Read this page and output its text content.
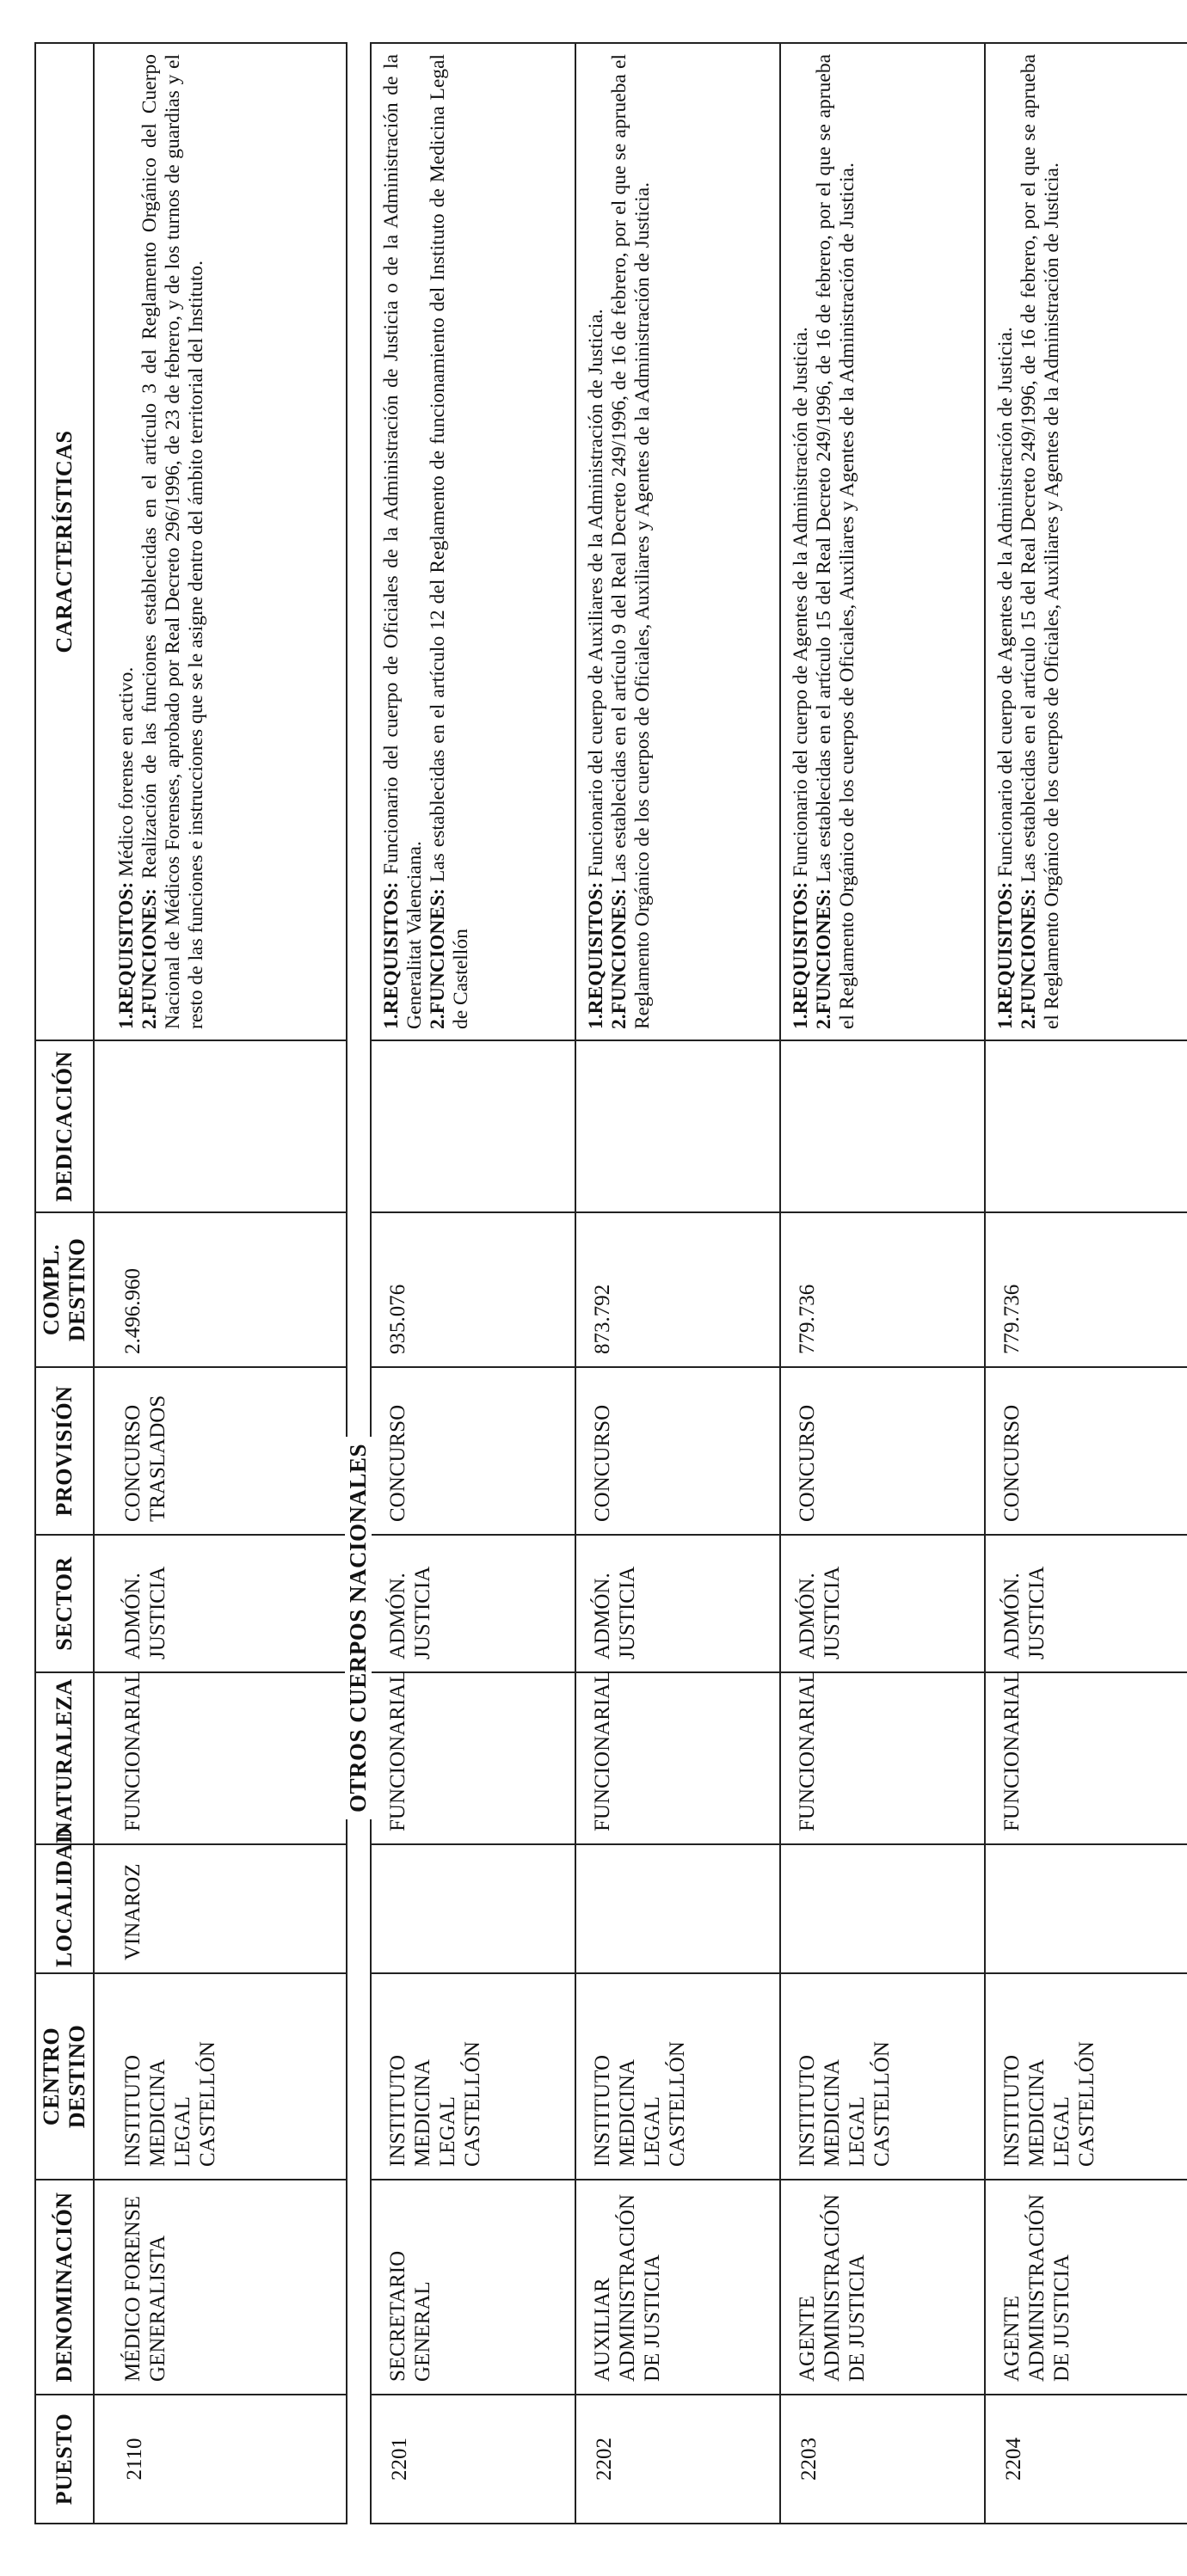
PUESTO	DENOMINACIÓN	CENTRO DESTINO	LOCALIDAD	NATURALEZA	SECTOR	PROVISIÓN	COMPL. DESTINO	DEDICACIÓN	CARACTERÍSTICAS

2110	MÉDICO FORENSE GENERALISTA	INSTITUTO MEDICINA LEGAL CASTELLÓN	VINAROZ	FUNCIONARIAL	ADMÓN. JUSTICIA	CONCURSO TRASLADOS	2.496.960		1.REQUISITOS: Médico forense en activo.
2.FUNCIONES: Realización de las funciones establecidas en el artículo 3 del Reglamento Orgánico del Cuerpo Nacional de Médicos Forenses, aprobado por Real Decreto 296/1996, de 23 de febrero, y de los turnos de guardias y el resto de las funciones e instrucciones que se le asigne dentro del ámbito territorial del Instituto.

2201	SECRETARIO GENERAL	INSTITUTO MEDICINA LEGAL CASTELLÓN		FUNCIONARIAL	ADMÓN. JUSTICIA	CONCURSO	935.076		1.REQUISITOS: Funcionario del cuerpo de Oficiales de la Administración de Justicia o de la Administración de la Generalitat Valenciana.
2.FUNCIONES: Las establecidas en el artículo 12 del Reglamento de funcionamiento del Instituto de Medicina Legal de Castellón
2202	AUXILIAR ADMINISTRACIÓN DE JUSTICIA	INSTITUTO MEDICINA LEGAL CASTELLÓN		FUNCIONARIAL	ADMÓN. JUSTICIA	CONCURSO	873.792		1.REQUISITOS: Funcionario del cuerpo de Auxiliares de la Administración de Justicia.
2.FUNCIONES: Las establecidas en el artículo 9 del Real Decreto 249/1996, de 16 de febrero, por el que se aprueba el Reglamento Orgánico de los cuerpos de Oficiales, Auxiliares y Agentes de la Administración de Justicia.
2203	AGENTE ADMINISTRACIÓN DE JUSTICIA	INSTITUTO MEDICINA LEGAL CASTELLÓN		FUNCIONARIAL	ADMÓN. JUSTICIA	CONCURSO	779.736		1.REQUISITOS: Funcionario del cuerpo de Agentes de la Administración de Justicia.
2.FUNCIONES: Las establecidas en el artículo 15 del Real Decreto 249/1996, de 16 de febrero, por el que se aprueba el Reglamento Orgánico de los cuerpos de Oficiales, Auxiliares y Agentes de la Administración de Justicia.
2204	AGENTE ADMINISTRACIÓN DE JUSTICIA	INSTITUTO MEDICINA LEGAL CASTELLÓN		FUNCIONARIAL	ADMÓN. JUSTICIA	CONCURSO	779.736		1.REQUISITOS: Funcionario del cuerpo de Agentes de la Administración de Justicia.
2.FUNCIONES: Las establecidas en el artículo 15 del Real Decreto 249/1996, de 16 de febrero, por el que se aprueba el Reglamento Orgánico de los cuerpos de Oficiales, Auxiliares y Agentes de la Administración de Justicia.
OTROS CUERPOS NACIONALES
